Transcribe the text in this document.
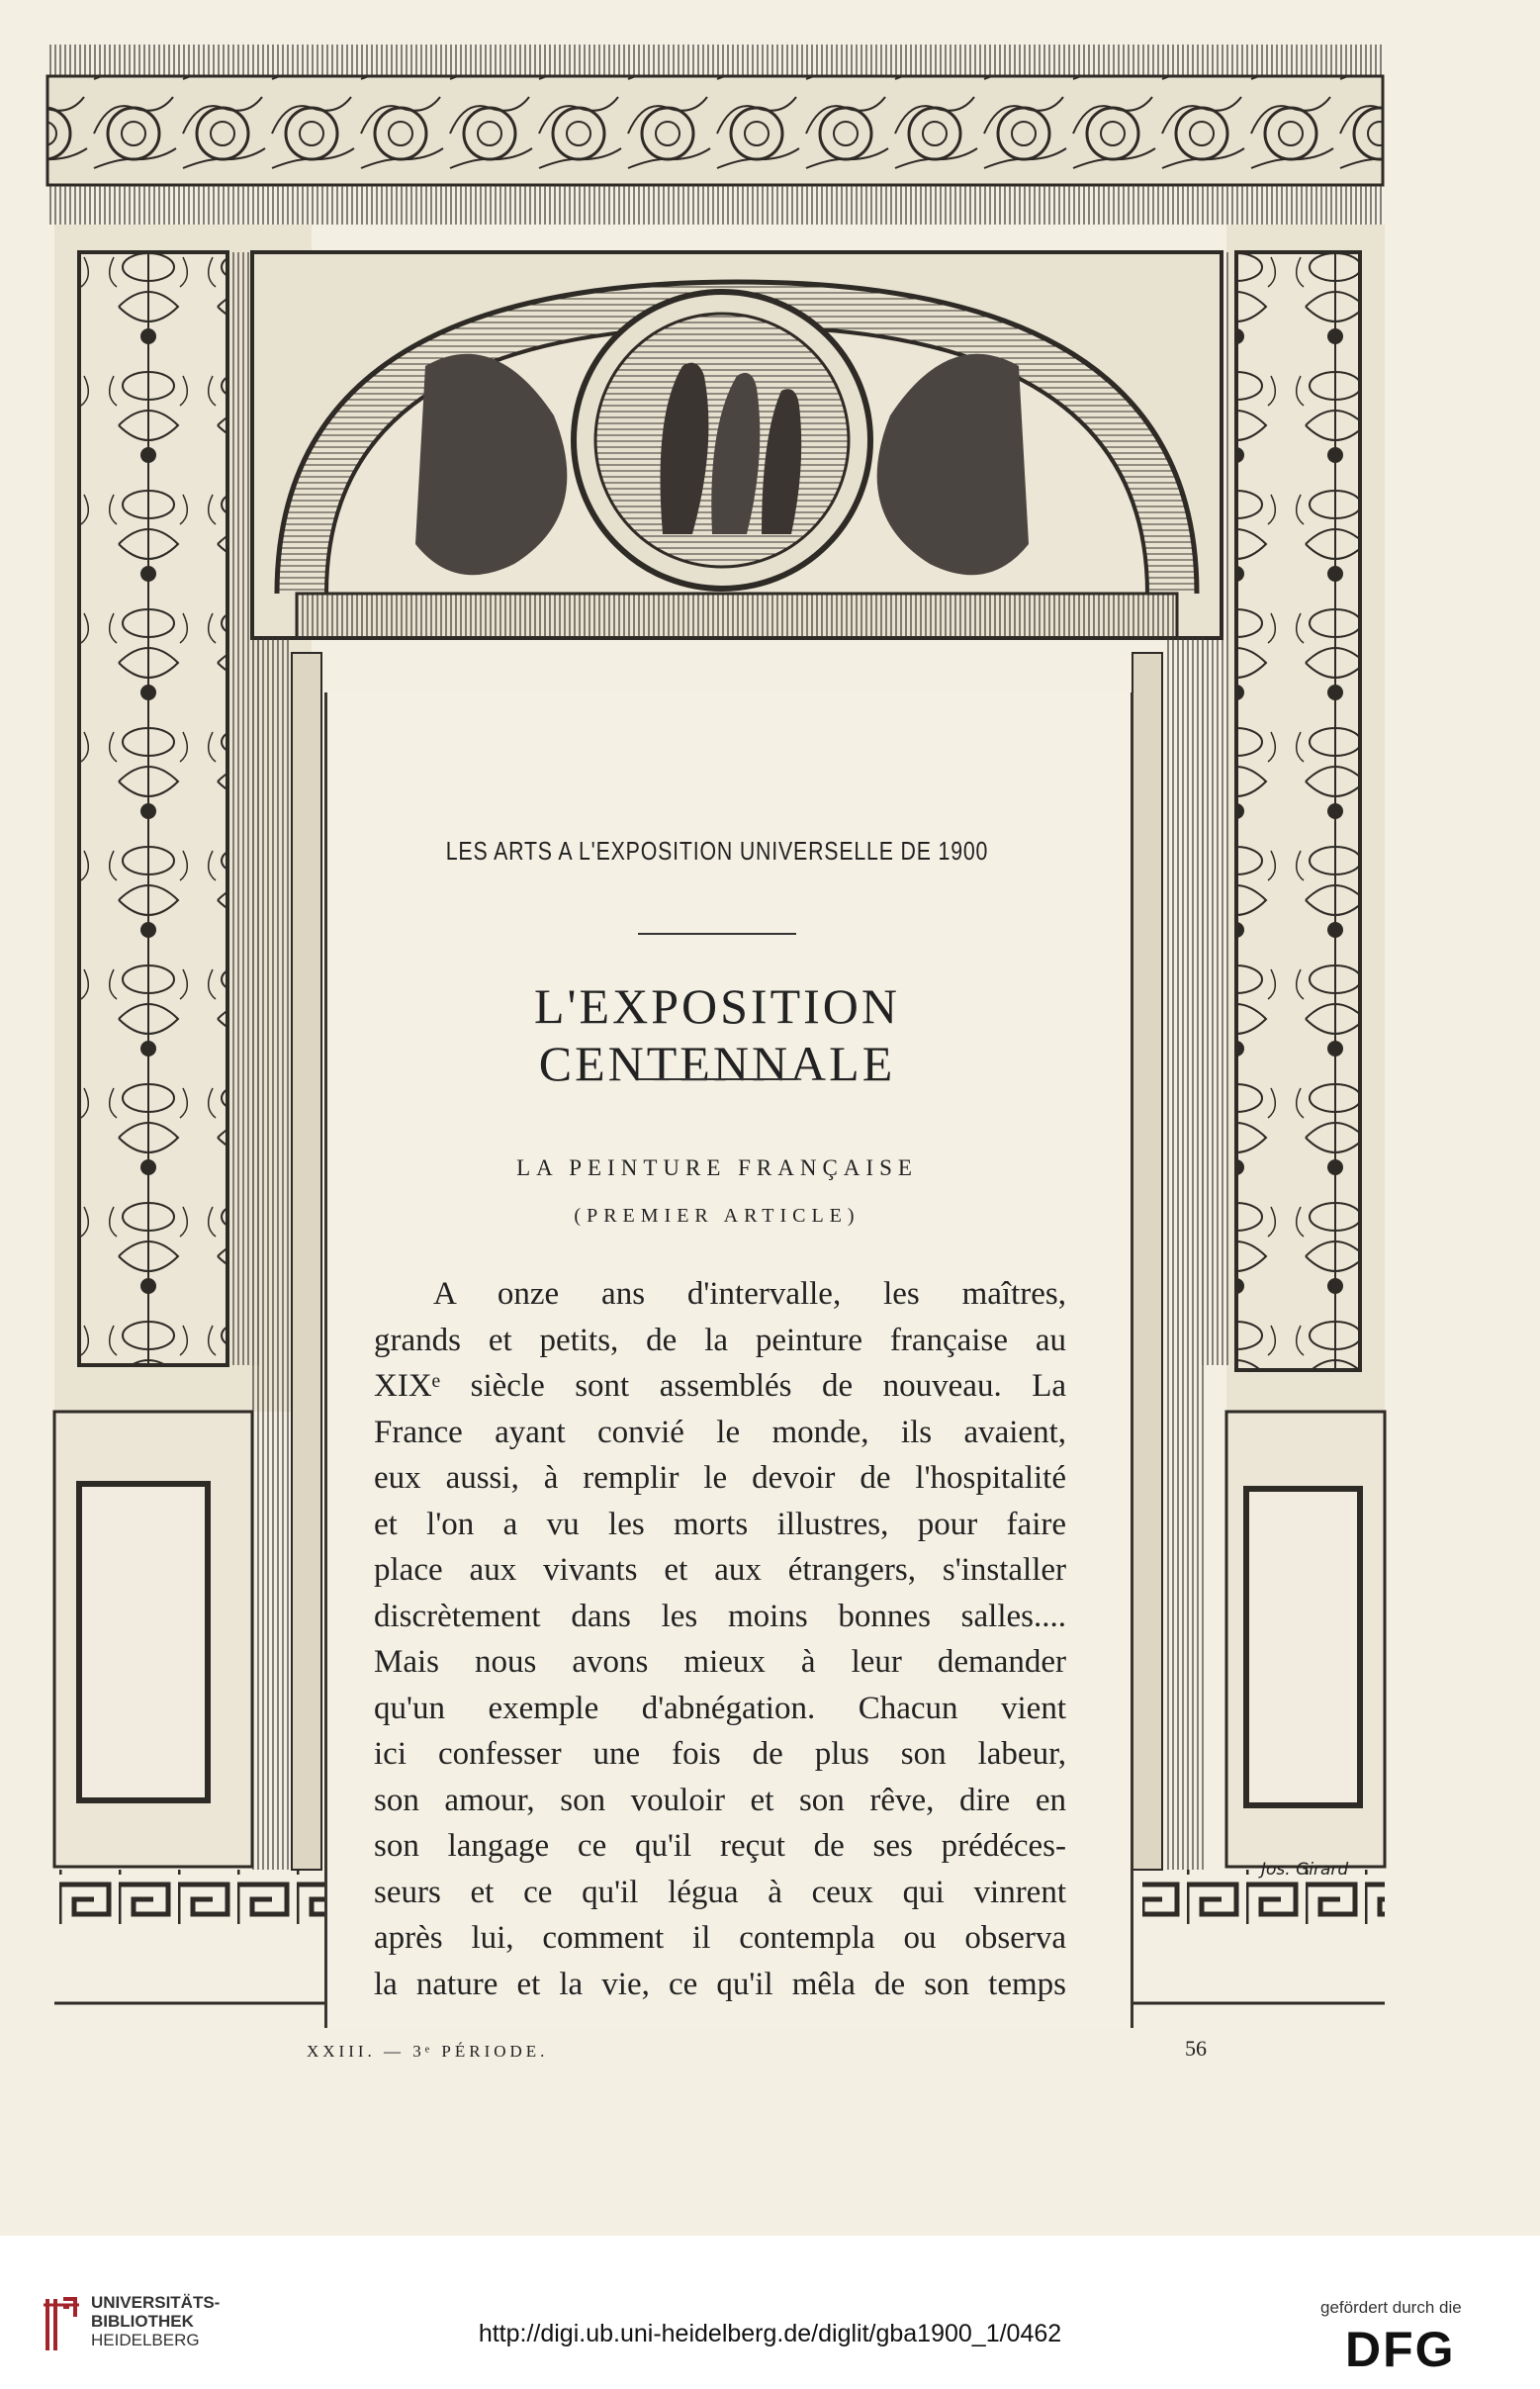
LES ARTS A L'EXPOSITION UNIVERSELLE DE 1900
L'EXPOSITION CENTENNALE
LA PEINTURE FRANÇAISE
(PREMIER ARTICLE)
A onze ans d'intervalle, les maîtres,
grands et petits, de la peinture française au
XIXᵉ siècle sont assemblés de nouveau. La
France ayant convié le monde, ils avaient,
eux aussi, à remplir le devoir de l'hospitalité
et l'on a vu les morts illustres, pour faire
place aux vivants et aux étrangers, s'installer
discrètement dans les moins bonnes salles....
Mais nous avons mieux à leur demander
qu'un exemple d'abnégation. Chacun vient
ici confesser une fois de plus son labeur,
son amour, son vouloir et son rêve, dire en
son langage ce qu'il reçut de ses prédéces-
seurs et ce qu'il légua à ceux qui vinrent
après lui, comment il contempla ou observa
la nature et la vie, ce qu'il mêla de son temps
Jos. Girard
XXIII. — 3ᵉ PÉRIODE.	56
UNIVERSITÄTS-
BIBLIOTHEK
HEIDELBERG	http://digi.ub.uni-heidelberg.de/diglit/gba1900_1/0462
gefördert durch die
DFG
